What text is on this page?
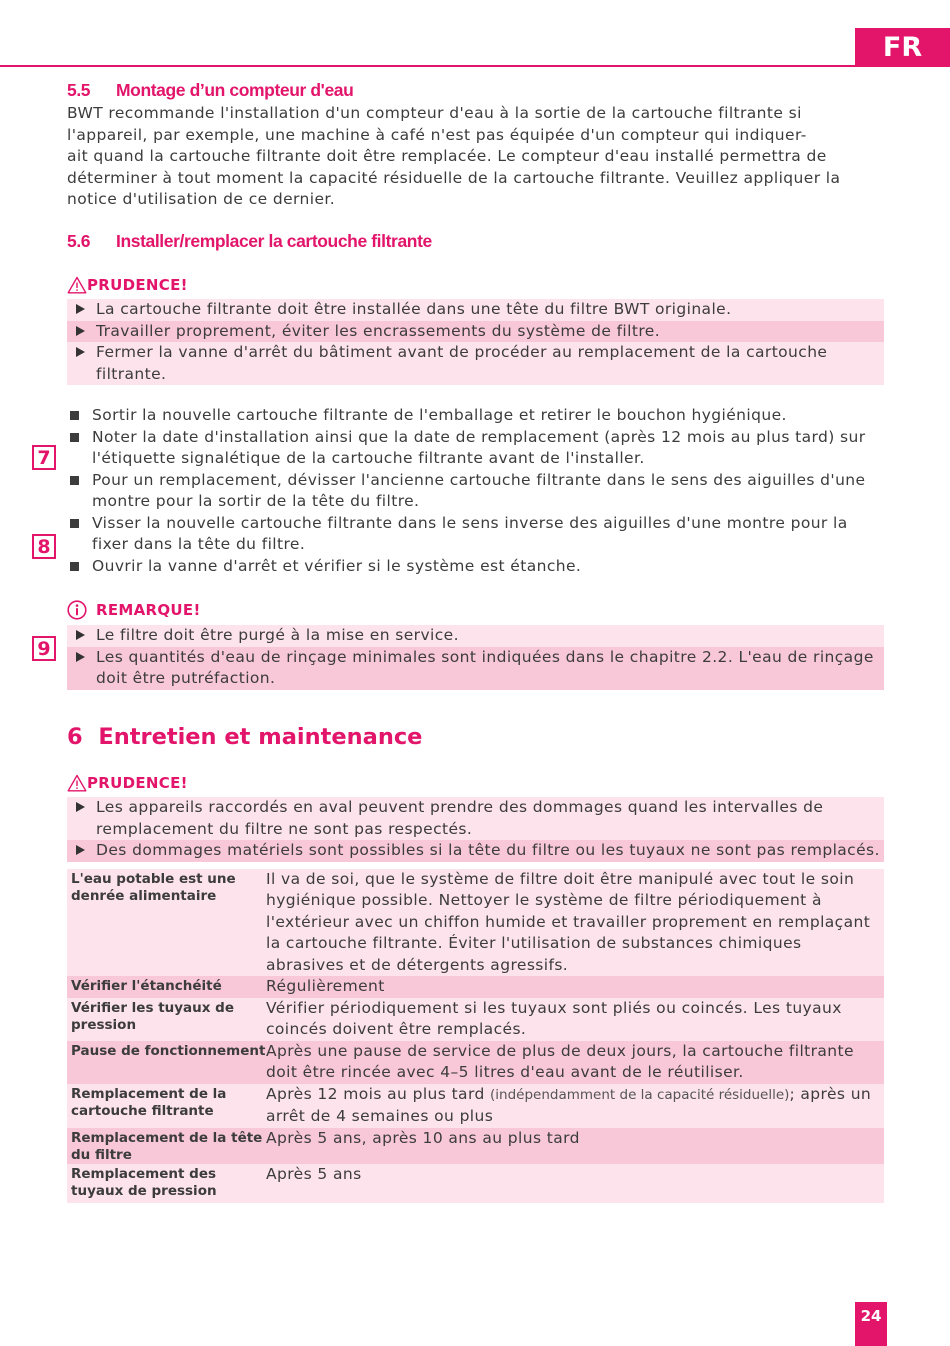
FR
5.5	Montage d’un compteur d'eau

BWT recommande l'installation d'un compteur d'eau à la sortie de la cartouche filtrante si
l'appareil, par exemple, une machine à café n'est pas équipée d'un compteur qui indiquer-
ait quand la cartouche filtrante doit être remplacée. Le compteur d'eau installé permettra de
déterminer à tout moment la capacité résiduelle de la cartouche filtrante. Veuillez appliquer la
notice d'utilisation de ce dernier.

5.6	Installer/remplacer la cartouche filtrante
PRUDENCE!
La cartouche filtrante doit être installée dans une tête du filtre BWT originale.
Travailler proprement, éviter les encrassements du système de filtre.
Fermer la vanne d'arrêt du bâtiment avant de procéder au remplacement de la cartouche filtrante.
Sortir la nouvelle cartouche filtrante de l'emballage et retirer le bouchon hygiénique.
Noter la date d'installation ainsi que la date de remplacement (après 12 mois au plus tard) sur l'étiquette signalétique de la cartouche filtrante avant de l'installer.
Pour un remplacement, dévisser l'ancienne cartouche filtrante dans le sens des aiguilles d'une montre pour la sortir de la tête du filtre.
Visser la nouvelle cartouche filtrante dans le sens inverse des aiguilles d'une montre pour la fixer dans la tête du filtre.
Ouvrir la vanne d'arrêt et vérifier si le système est étanche.
7
8
9
REMARQUE!
Le filtre doit être purgé à la mise en service.
Les quantités d'eau de rinçage minimales sont indiquées dans le chapitre 2.2. L'eau de rinçage doit être putréfaction.
6 Entretien et maintenance
PRUDENCE!
Les appareils raccordés en aval peuvent prendre des dommages quand les intervalles de remplacement du filtre ne sont pas respectés.
Des dommages matériels sont possibles si la tête du filtre ou les tuyaux ne sont pas remplacés.
L'eau potable est une denrée alimentaire	Il va de soi, que le système de filtre doit être manipulé avec tout le soin hygiénique possible. Nettoyer le système de filtre périodiquement à l'extérieur avec un chiffon humide et travailler proprement en remplaçant la cartouche filtrante. Éviter l'utilisation de substances chimiques abrasives et de détergents agressifs.
Vérifier l'étanchéité	Régulièrement
Vérifier les tuyaux de pression	Vérifier périodiquement si les tuyaux sont pliés ou coincés. Les tuyaux coincés doivent être remplacés.
Pause de fonctionnement	Après une pause de service de plus de deux jours, la cartouche filtrante doit être rincée avec 4–5 litres d'eau avant de le réutiliser.
Remplacement de la cartouche filtrante	Après 12 mois au plus tard (indépendamment de la capacité résiduelle); après un arrêt de 4 semaines ou plus
Remplacement de la tête du filtre	Après 5 ans, après 10 ans au plus tard
Remplacement des tuyaux de pression	Après 5 ans
24
